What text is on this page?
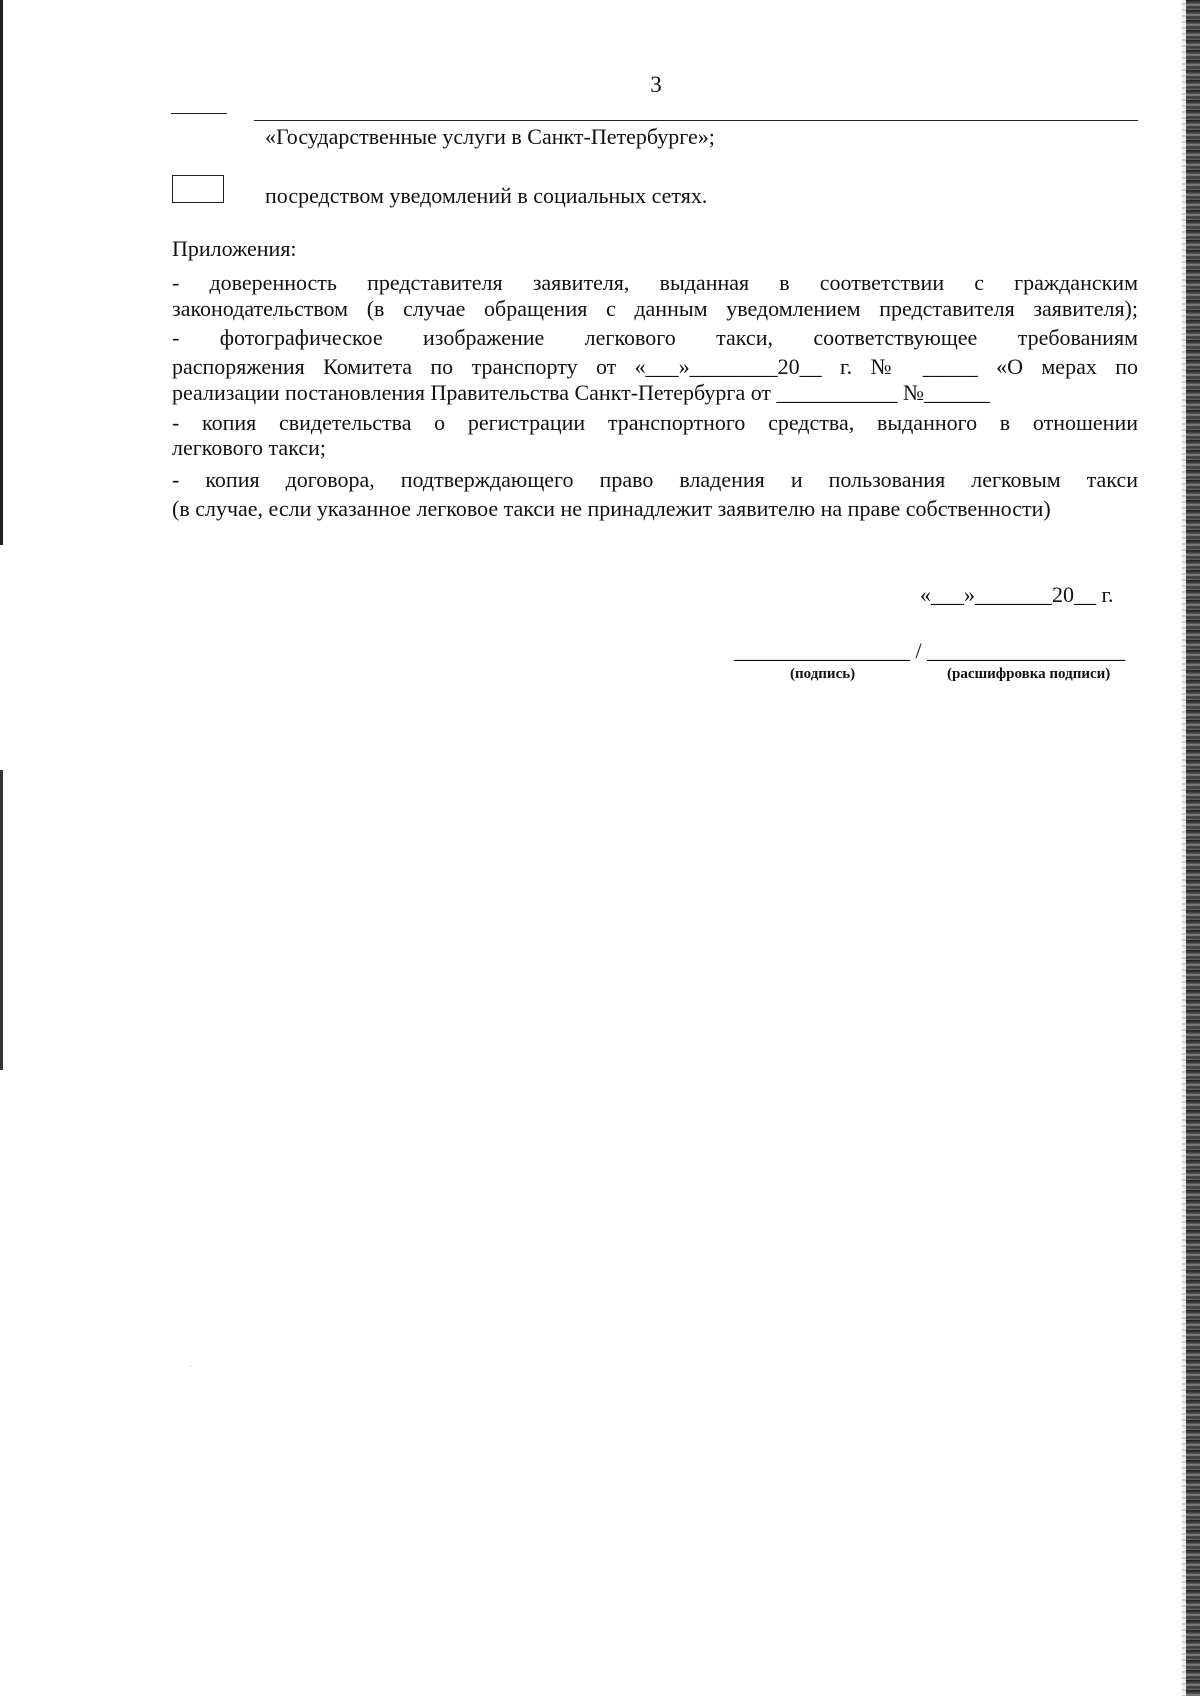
3
«Государственные услуги в Санкт-Петербурге»;
посредством уведомлений в социальных сетях.
Приложения:
- доверенность представителя заявителя, выданная в соответствии с гражданским
законодательством (в случае обращения с данным уведомлением представителя заявителя);
- фотографическое изображение легкового такси, соответствующее требованиям
распоряжения Комитета по транспорту от «___»________20__ г. № _____ «О мерах по
реализации постановления Правительства Санкт-Петербурга от ___________ №______
- копия свидетельства о регистрации транспортного средства, выданного в отношении
легкового такси;
- копия договора, подтверждающего право владения и пользования легковым такси
(в случае, если указанное легковое такси не принадлежит заявителю на праве собственности)
«___»_______20__ г.
________________ / __________________
(подпись)	(расшифровка подписи)
